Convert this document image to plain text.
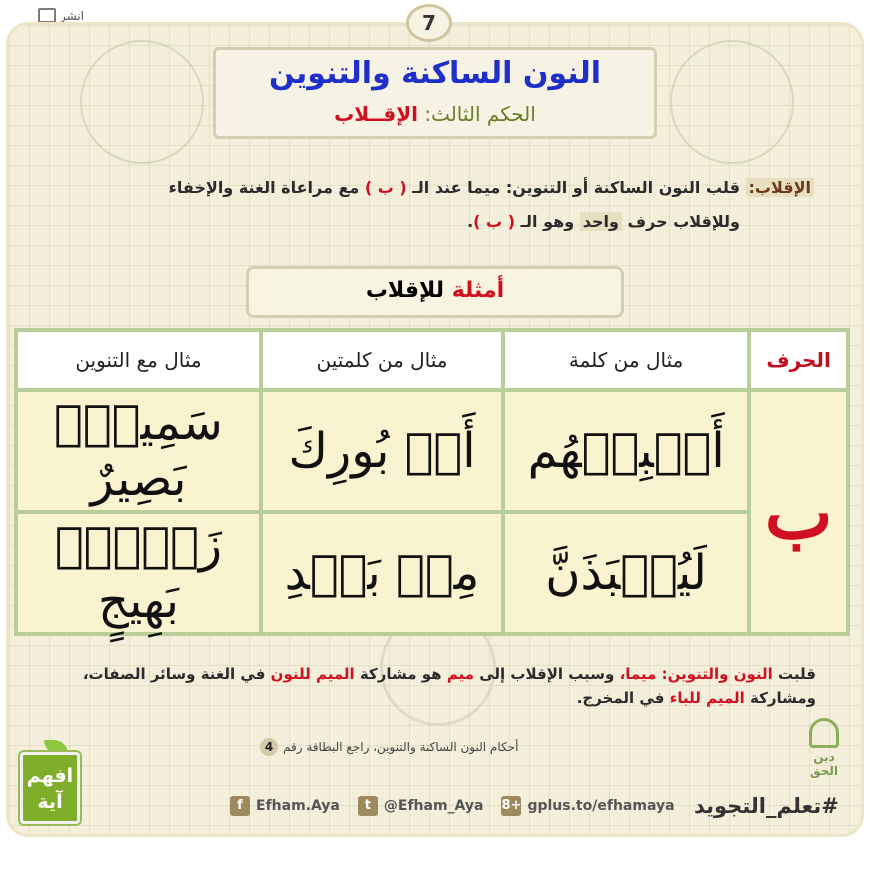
انشر	7
النون الساكنة والتنوين
الحكم الثالث: الإقــلاب
الإقلاب: قلب النون الساكنة أو التنوين: ميما عند الـ ( ب ) مع مراعاة الغنة والإخفاء
وللإقلاب حرف واحد وهو الـ ( ب ).
أمثلة للإقلاب
الحرف	مثال من كلمة	مثال من كلمتين	مثال مع التنوين
ب	أَنۢبِئۡهُم	أَنۢ بُورِكَ	سَمِيعُۢ بَصِيرٌ
	لَيُنۢبَذَنَّ	مِنۢ بَعۡدِ	زَوۡجِۢ بَهِيجٍ
قلبت النون والتنوين: ميما، وسبب الإقلاب إلى ميم هو مشاركة الميم للنون في الغنة وسائر الصفات،
ومشاركة الميم للباء في المخرج.
أحكام النون الساكنة والتنوين، راجع البطاقة رقم
4
افهم
آية
دين الحق
f Efham.Aya	t @Efham_Aya 8+ gplus.to/efhamaya #تعلم_التجويد
